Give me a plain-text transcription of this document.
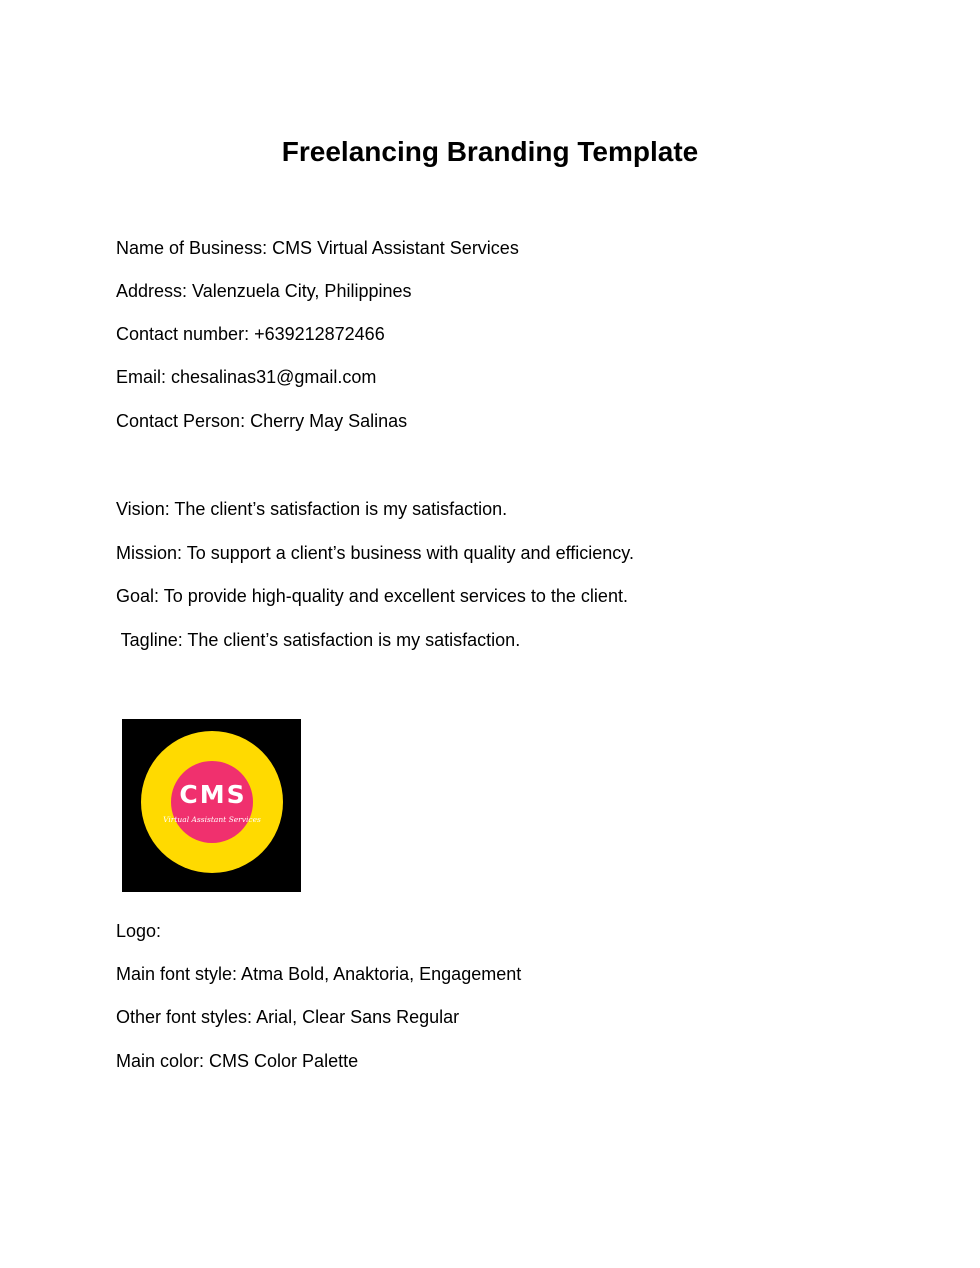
Freelancing Branding Template
Name of Business: CMS Virtual Assistant Services
Address: Valenzuela City, Philippines
Contact number: +639212872466
Email: chesalinas31@gmail.com
Contact Person: Cherry May Salinas
Vision: The client’s satisfaction is my satisfaction.
Mission: To support a client’s business with quality and efficiency.
Goal: To provide high-quality and excellent services to the client.
Tagline: The client’s satisfaction is my satisfaction.
CMS
Virtual Assistant Services
Logo:
Main font style: Atma Bold, Anaktoria, Engagement
Other font styles: Arial, Clear Sans Regular
Main color: CMS Color Palette
